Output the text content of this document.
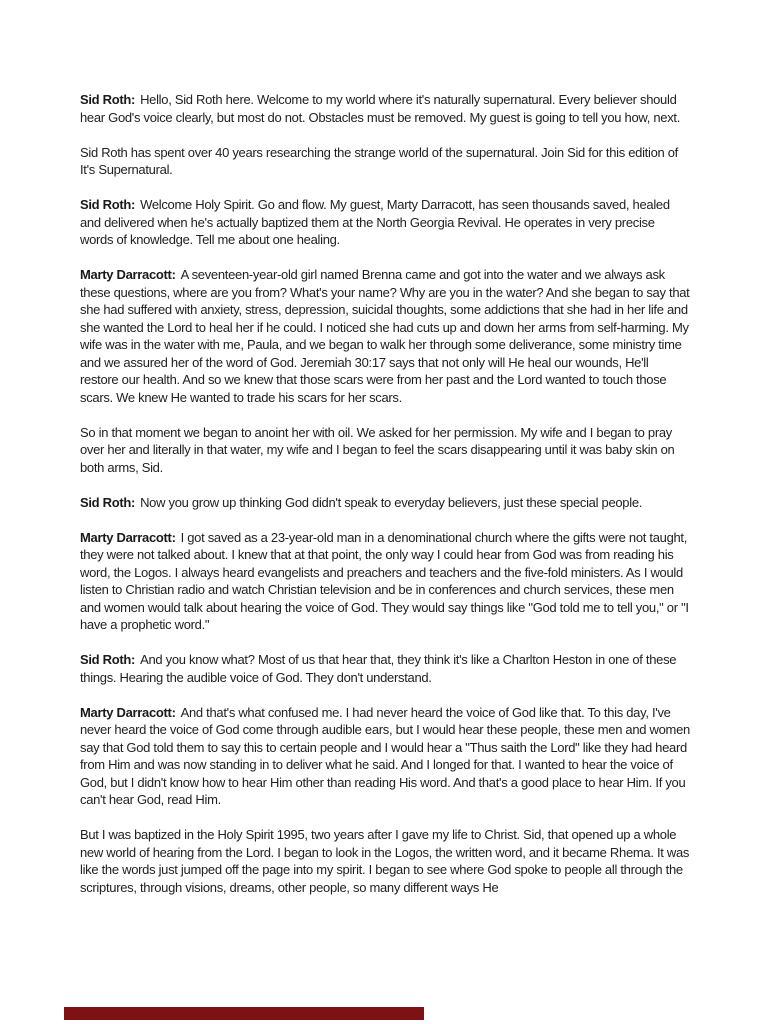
Sid Roth: Hello, Sid Roth here. Welcome to my world where it's naturally supernatural. Every believer should hear God's voice clearly, but most do not. Obstacles must be removed. My guest is going to tell you how, next.

Sid Roth has spent over 40 years researching the strange world of the supernatural. Join Sid for this edition of It's Supernatural.

Sid Roth: Welcome Holy Spirit. Go and flow. My guest, Marty Darracott, has seen thousands saved, healed and delivered when he's actually baptized them at the North Georgia Revival. He operates in very precise words of knowledge. Tell me about one healing.

Marty Darracott: A seventeen-year-old girl named Brenna came and got into the water and we always ask these questions, where are you from? What's your name? Why are you in the water? And she began to say that she had suffered with anxiety, stress, depression, suicidal thoughts, some addictions that she had in her life and she wanted the Lord to heal her if he could. I noticed she had cuts up and down her arms from self-harming. My wife was in the water with me, Paula, and we began to walk her through some deliverance, some ministry time and we assured her of the word of God. Jeremiah 30:17 says that not only will He heal our wounds, He'll restore our health. And so we knew that those scars were from her past and the Lord wanted to touch those scars. We knew He wanted to trade his scars for her scars.

So in that moment we began to anoint her with oil. We asked for her permission. My wife and I began to pray over her and literally in that water, my wife and I began to feel the scars disappearing until it was baby skin on both arms, Sid.

Sid Roth: Now you grow up thinking God didn't speak to everyday believers, just these special people.

Marty Darracott: I got saved as a 23-year-old man in a denominational church where the gifts were not taught, they were not talked about. I knew that at that point, the only way I could hear from God was from reading his word, the Logos. I always heard evangelists and preachers and teachers and the five-fold ministers. As I would listen to Christian radio and watch Christian television and be in conferences and church services, these men and women would talk about hearing the voice of God. They would say things like "God told me to tell you," or "I have a prophetic word."

Sid Roth: And you know what? Most of us that hear that, they think it's like a Charlton Heston in one of these things. Hearing the audible voice of God. They don't understand.

Marty Darracott: And that's what confused me. I had never heard the voice of God like that. To this day, I've never heard the voice of God come through audible ears, but I would hear these people, these men and women say that God told them to say this to certain people and I would hear a "Thus saith the Lord" like they had heard from Him and was now standing in to deliver what he said. And I longed for that. I wanted to hear the voice of God, but I didn't know how to hear Him other than reading His word. And that's a good place to hear Him. If you can't hear God, read Him.

But I was baptized in the Holy Spirit 1995, two years after I gave my life to Christ. Sid, that opened up a whole new world of hearing from the Lord. I began to look in the Logos, the written word, and it became Rhema. It was like the words just jumped off the page into my spirit. I began to see where God spoke to people all through the scriptures, through visions, dreams, other people, so many different ways He
